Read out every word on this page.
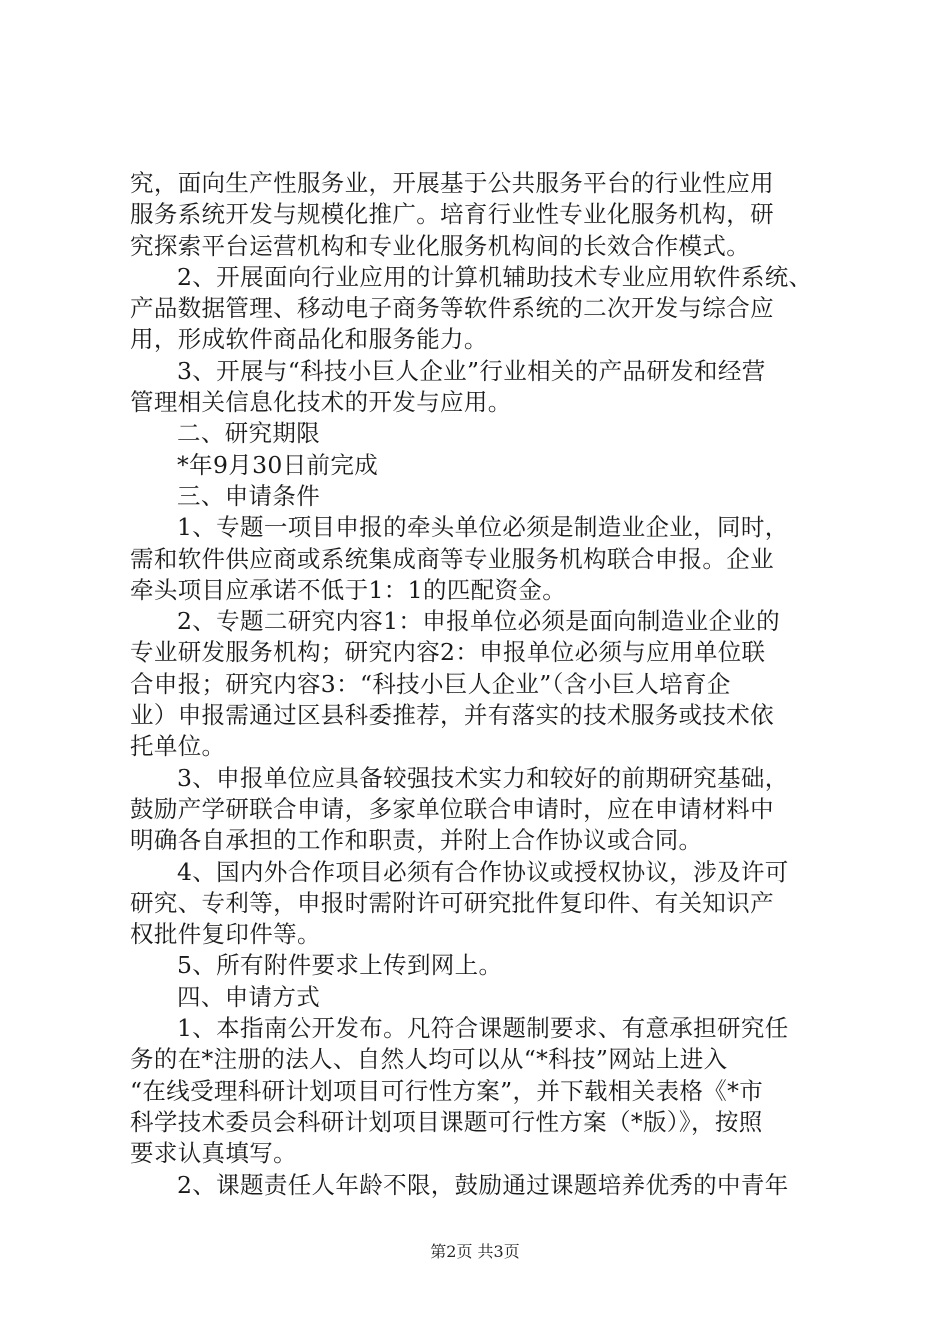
究，面向生产性服务业，开展基于公共服务平台的行业性应用
服务系统开发与规模化推广。培育行业性专业化服务机构，研
究探索平台运营机构和专业化服务机构间的长效合作模式。
2、开展面向行业应用的计算机辅助技术专业应用软件系统、
产品数据管理、移动电子商务等软件系统的二次开发与综合应
用，形成软件商品化和服务能力。
3、开展与“科技小巨人企业”行业相关的产品研发和经营
管理相关信息化技术的开发与应用。
二、研究期限
*年9月30日前完成
三、申请条件
1、专题一项目申报的牵头单位必须是制造业企业，同时，
需和软件供应商或系统集成商等专业服务机构联合申报。企业
牵头项目应承诺不低于1：1的匹配资金。
2、专题二研究内容1：申报单位必须是面向制造业企业的
专业研发服务机构；研究内容2：申报单位必须与应用单位联
合申报；研究内容3：“科技小巨人企业”（含小巨人培育企
业）申报需通过区县科委推荐，并有落实的技术服务或技术依
托单位。
3、申报单位应具备较强技术实力和较好的前期研究基础，
鼓励产学研联合申请，多家单位联合申请时，应在申请材料中
明确各自承担的工作和职责，并附上合作协议或合同。
4、国内外合作项目必须有合作协议或授权协议，涉及许可
研究、专利等，申报时需附许可研究批件复印件、有关知识产
权批件复印件等。
5、所有附件要求上传到网上。
四、申请方式
1、本指南公开发布。凡符合课题制要求、有意承担研究任
务的在*注册的法人、自然人均可以从“*科技”网站上进入
“在线受理科研计划项目可行性方案”，并下载相关表格《*市
科学技术委员会科研计划项目课题可行性方案（*版）》，按照
要求认真填写。
2、课题责任人年龄不限，鼓励通过课题培养优秀的中青年
第2页 共3页
